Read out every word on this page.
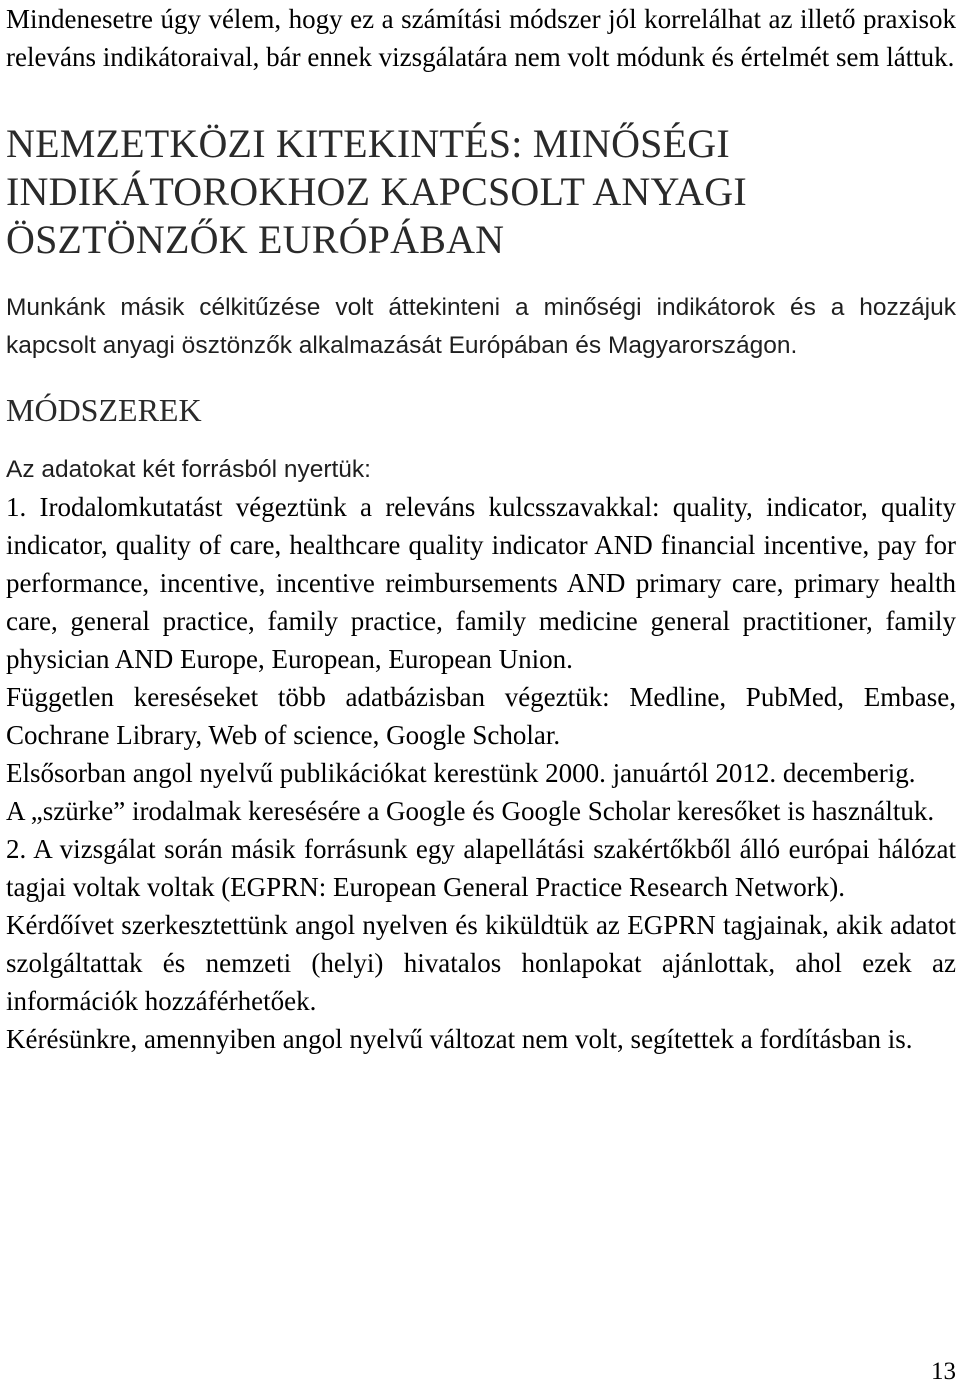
Mindenesetre úgy vélem, hogy ez a számítási módszer jól korrelálhat az illető praxisok releváns indikátoraival, bár ennek vizsgálatára nem volt módunk és értelmét sem láttuk.

NEMZETKÖZI KITEKINTÉS: MINŐSÉGI INDIKÁTOROKHOZ KAPCSOLT ANYAGI ÖSZTÖNZŐK EURÓPÁBAN

Munkánk másik célkitűzése volt áttekinteni a minőségi indikátorok és a hozzájuk kapcsolt anyagi ösztönzők alkalmazását Európában és Magyarországon.

MÓDSZEREK

Az adatokat két forrásból nyertük:

1. Irodalomkutatást végeztünk a releváns kulcsszavakkal: quality, indicator, quality indicator, quality of care, healthcare quality indicator AND financial incentive, pay for performance, incentive, incentive reimbursements AND primary care, primary health care, general practice, family practice, family medicine general practitioner, family physician AND Europe, European, European Union.

Független kereséseket több adatbázisban végeztük: Medline, PubMed, Embase, Cochrane Library, Web of science, Google Scholar.

Elsősorban angol nyelvű publikációkat kerestünk 2000. januártól 2012. decemberig.

A „szürke” irodalmak keresésére a Google és Google Scholar keresőket is használtuk.

2. A vizsgálat során másik forrásunk egy alapellátási szakértőkből álló európai hálózat tagjai voltak voltak (EGPRN: European General Practice Research Network).

Kérdőívet szerkesztettünk angol nyelven és kiküldtük az EGPRN tagjainak, akik adatot szolgáltattak és nemzeti (helyi) hivatalos honlapokat ajánlottak, ahol ezek az információk hozzáférhetőek.

Kérésünkre, amennyiben angol nyelvű változat nem volt, segítettek a fordításban is.

13
